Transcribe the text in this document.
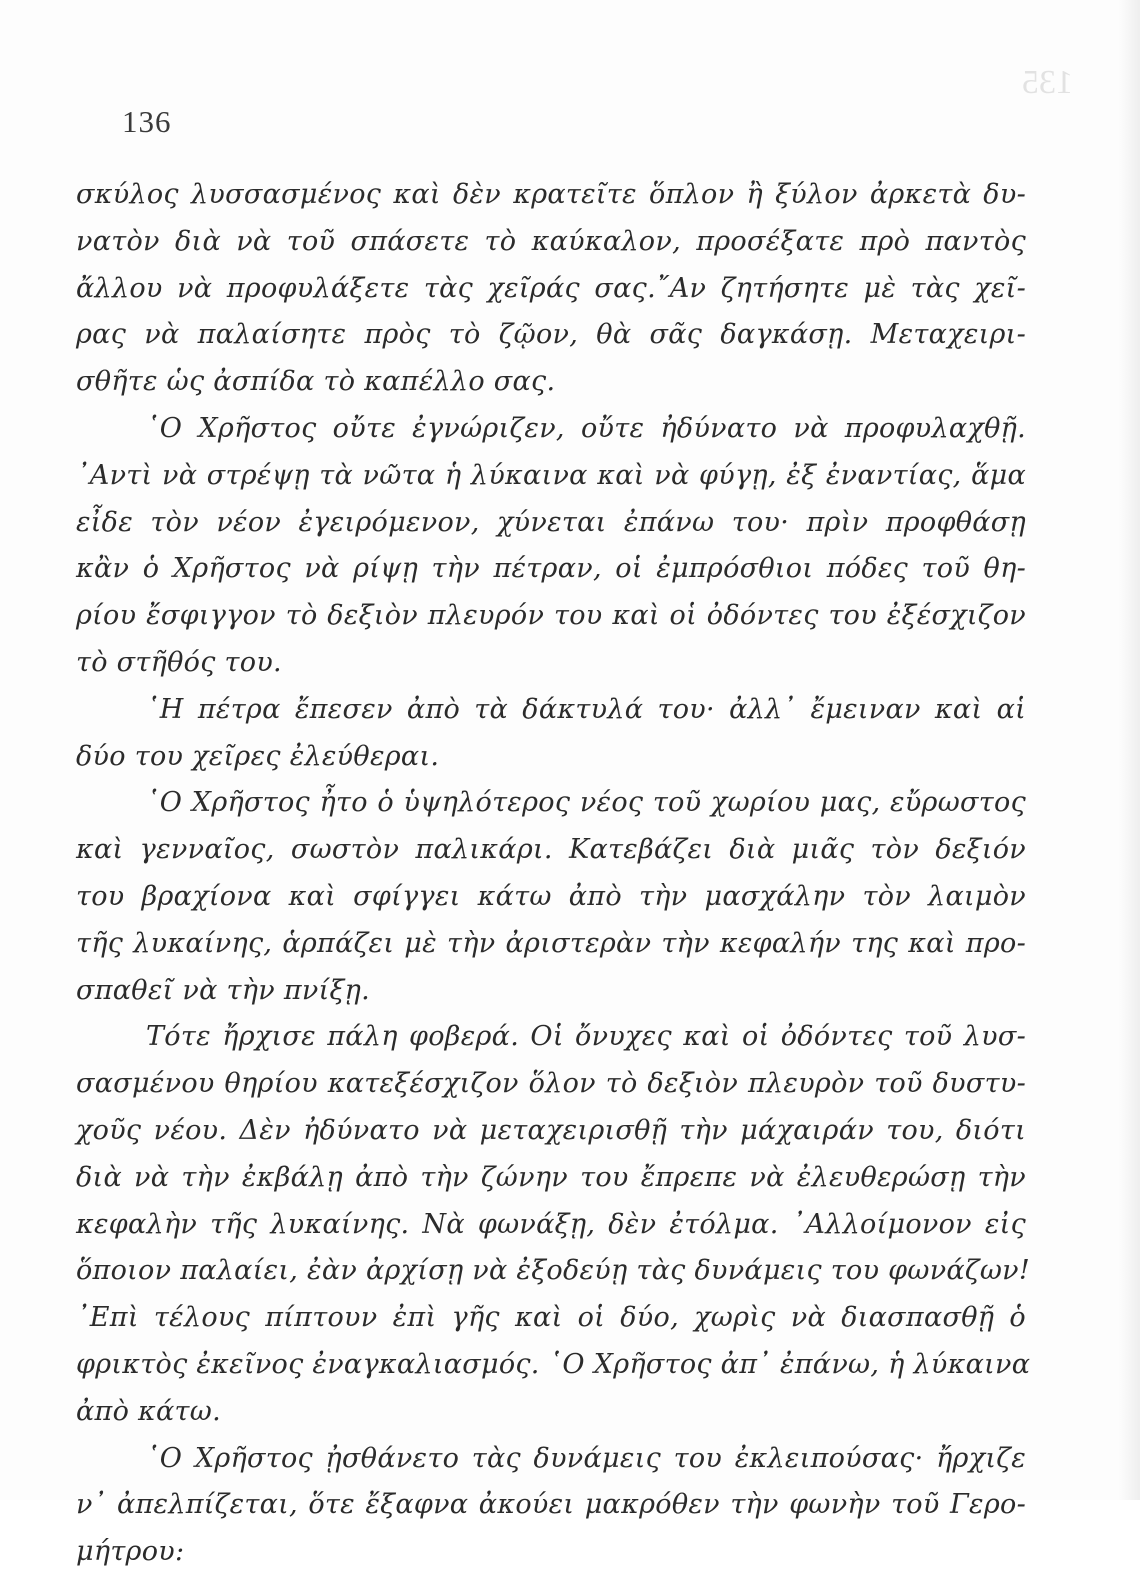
135
136
σκύλος λυσσασμένος καὶ δὲν κρατεῖτε ὅπλον ἢ ξύλον ἀρκετὰ δυ-
νατὸν διὰ νὰ τοῦ σπάσετε τὸ καύκαλον, προσέξατε πρὸ παντὸς
ἄλλου νὰ προφυλάξετε τὰς χεῖράς σας.῎Αν ζητήσητε μὲ τὰς χεῖ-
ρας νὰ παλαίσητε πρὸς τὸ ζῷον, θὰ σᾶς δαγκάσῃ. Μεταχειρι-
σθῆτε ὡς ἀσπίδα τὸ καπέλλο σας.
῾Ο Χρῆστος οὔτε ἐγνώριζεν, οὔτε ἠδύνατο νὰ προφυλαχθῇ.
᾿Αντὶ νὰ στρέψῃ τὰ νῶτα ἡ λύκαινα καὶ νὰ φύγῃ, ἐξ ἐναντίας, ἅμα
εἶδε τὸν νέον ἐγειρόμενον, χύνεται ἐπάνω του· πρὶν προφθάσῃ
κἂν ὁ Χρῆστος νὰ ρίψῃ τὴν πέτραν, οἱ ἐμπρόσθιοι πόδες τοῦ θη-
ρίου ἔσφιγγον τὸ δεξιὸν πλευρόν του καὶ οἱ ὀδόντες του ἐξέσχιζον
τὸ στῆθός του.
῾Η πέτρα ἔπεσεν ἀπὸ τὰ δάκτυλά του· ἀλλ᾿ ἔμειναν καὶ αἱ
δύο του χεῖρες ἐλεύθεραι.
῾Ο Χρῆστος ἦτο ὁ ὑψηλότερος νέος τοῦ χωρίου μας, εὔρωστος
καὶ γενναῖος, σωστὸν παλικάρι. Κατεβάζει διὰ μιᾶς τὸν δεξιόν
του βραχίονα καὶ σφίγγει κάτω ἀπὸ τὴν μασχάλην τὸν λαιμὸν
τῆς λυκαίνης, ἁρπάζει μὲ τὴν ἀριστερὰν τὴν κεφαλήν της καὶ προ-
σπαθεῖ νὰ τὴν πνίξῃ.
Τότε ἤρχισε πάλη φοβερά. Οἱ ὄνυχες καὶ οἱ ὀδόντες τοῦ λυσ-
σασμένου θηρίου κατεξέσχιζον ὅλον τὸ δεξιὸν πλευρὸν τοῦ δυστυ-
χοῦς νέου. Δὲν ἠδύνατο νὰ μεταχειρισθῇ τὴν μάχαιράν του, διότι
διὰ νὰ τὴν ἐκβάλῃ ἀπὸ τὴν ζώνην του ἔπρεπε νὰ ἐλευθερώσῃ τὴν
κεφαλὴν τῆς λυκαίνης. Νὰ φωνάξῃ, δὲν ἐτόλμα. ᾿Αλλοίμονον εἰς
ὅποιον παλαίει, ἐὰν ἀρχίσῃ νὰ ἐξοδεύῃ τὰς δυνάμεις του φωνάζων!
᾿Επὶ τέλους πίπτουν ἐπὶ γῆς καὶ οἱ δύο, χωρὶς νὰ διασπασθῇ ὁ
φρικτὸς ἐκεῖνος ἐναγκαλιασμός. ῾Ο Χρῆστος ἀπ᾿ ἐπάνω, ἡ λύκαινα
ἀπὸ κάτω.
῾Ο Χρῆστος ᾐσθάνετο τὰς δυνάμεις του ἐκλειπούσας· ἤρχιζε
ν᾿ ἀπελπίζεται, ὅτε ἔξαφνα ἀκούει μακρόθεν τὴν φωνὴν τοῦ Γερο-
μήτρου:
